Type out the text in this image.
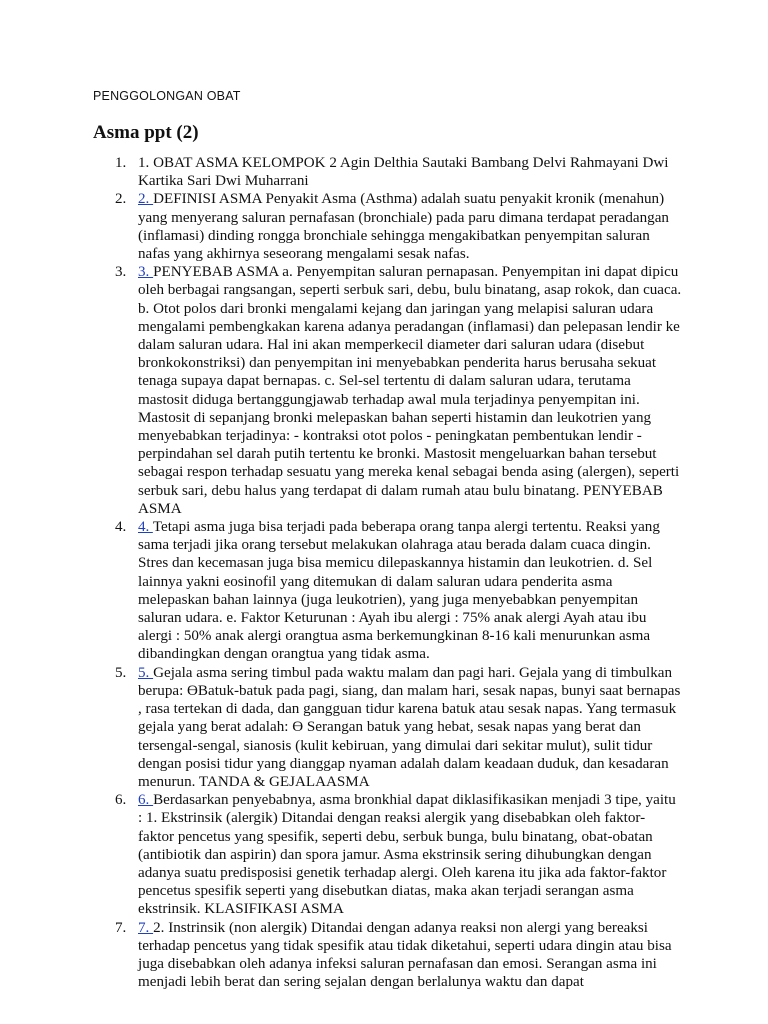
PENGGOLONGAN OBAT
Asma ppt (2)
1. 1. OBAT ASMA KELOMPOK 2 Agin Delthia Sautaki Bambang Delvi Rahmayani Dwi Kartika Sari Dwi Muharrani
2. 2. DEFINISI ASMA Penyakit Asma (Asthma) adalah suatu penyakit kronik (menahun) yang menyerang saluran pernafasan (bronchiale) pada paru dimana terdapat peradangan (inflamasi) dinding rongga bronchiale sehingga mengakibatkan penyempitan saluran nafas yang akhirnya seseorang mengalami sesak nafas.
3. 3. PENYEBAB ASMA a. Penyempitan saluran pernapasan. Penyempitan ini dapat dipicu oleh berbagai rangsangan, seperti serbuk sari, debu, bulu binatang, asap rokok, dan cuaca. b. Otot polos dari bronki mengalami kejang dan jaringan yang melapisi saluran udara mengalami pembengkakan karena adanya peradangan (inflamasi) dan pelepasan lendir ke dalam saluran udara. Hal ini akan memperkecil diameter dari saluran udara (disebut bronkokonstriksi) dan penyempitan ini menyebabkan penderita harus berusaha sekuat tenaga supaya dapat bernapas. c. Sel-sel tertentu di dalam saluran udara, terutama mastosit diduga bertanggungjawab terhadap awal mula terjadinya penyempitan ini. Mastosit di sepanjang bronki melepaskan bahan seperti histamin dan leukotrien yang menyebabkan terjadinya: - kontraksi otot polos - peningkatan pembentukan lendir - perpindahan sel darah putih tertentu ke bronki. Mastosit mengeluarkan bahan tersebut sebagai respon terhadap sesuatu yang mereka kenal sebagai benda asing (alergen), seperti serbuk sari, debu halus yang terdapat di dalam rumah atau bulu binatang. PENYEBAB ASMA
4. 4. Tetapi asma juga bisa terjadi pada beberapa orang tanpa alergi tertentu. Reaksi yang sama terjadi jika orang tersebut melakukan olahraga atau berada dalam cuaca dingin. Stres dan kecemasan juga bisa memicu dilepaskannya histamin dan leukotrien. d. Sel lainnya yakni eosinofil yang ditemukan di dalam saluran udara penderita asma melepaskan bahan lainnya (juga leukotrien), yang juga menyebabkan penyempitan saluran udara. e. Faktor Keturunan : Ayah ibu alergi : 75% anak alergi Ayah atau ibu alergi : 50% anak alergi orangtua asma berkemungkinan 8-16 kali menurunkan asma dibandingkan dengan orangtua yang tidak asma.
5. 5. Gejala asma sering timbul pada waktu malam dan pagi hari. Gejala yang di timbulkan berupa: ϴBatuk-batuk pada pagi, siang, dan malam hari, sesak napas, bunyi saat bernapas , rasa tertekan di dada, dan gangguan tidur karena batuk atau sesak napas. Yang termasuk gejala yang berat adalah: ϴ Serangan batuk yang hebat, sesak napas yang berat dan tersengal-sengal, sianosis (kulit kebiruan, yang dimulai dari sekitar mulut), sulit tidur dengan posisi tidur yang dianggap nyaman adalah dalam keadaan duduk, dan kesadaran menurun. TANDA & GEJALAASMA
6. 6. Berdasarkan penyebabnya, asma bronkhial dapat diklasifikasikan menjadi 3 tipe, yaitu : 1. Ekstrinsik (alergik) Ditandai dengan reaksi alergik yang disebabkan oleh faktor- faktor pencetus yang spesifik, seperti debu, serbuk bunga, bulu binatang, obat-obatan (antibiotik dan aspirin) dan spora jamur. Asma ekstrinsik sering dihubungkan dengan adanya suatu predisposisi genetik terhadap alergi. Oleh karena itu jika ada faktor-faktor pencetus spesifik seperti yang disebutkan diatas, maka akan terjadi serangan asma ekstrinsik. KLASIFIKASI ASMA
7. 7. 2. Instrinsik (non alergik) Ditandai dengan adanya reaksi non alergi yang bereaksi terhadap pencetus yang tidak spesifik atau tidak diketahui, seperti udara dingin atau bisa juga disebabkan oleh adanya infeksi saluran pernafasan dan emosi. Serangan asma ini menjadi lebih berat dan sering sejalan dengan berlalunya waktu dan dapat
